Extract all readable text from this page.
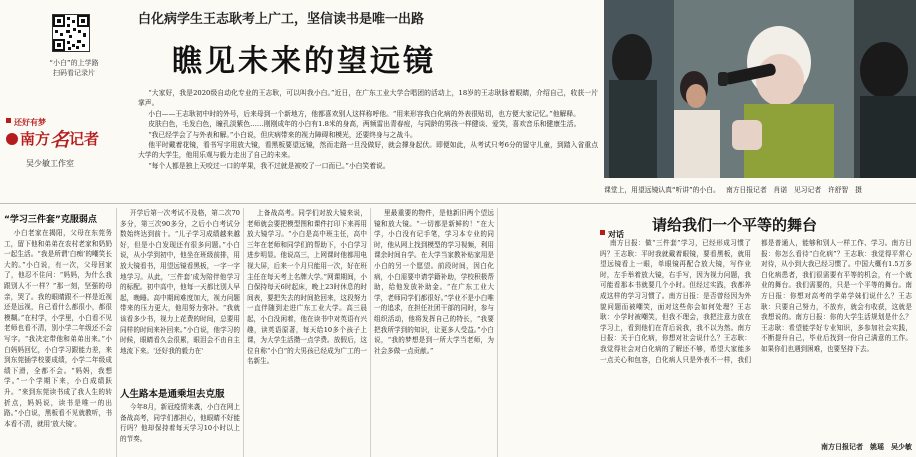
“小白”的上学路
扫码看记录片
还好有梦
南方名记者
吴少敏工作室
白化病学生王志耿考上广工，坚信读书是唯一出路
瞧见未来的望远镜

“大家好，我是2020级自动化专业的王志耿，可以叫我小白。”近日，在广东工业大学合唱团的活动上，18岁的王志耿脉着眼睛，介绍自己，收获一片掌声。

小白——王志耿初中时的外号，后来母到一个新地方，他都喜欢别人这样称呼他。“用来形容我白化病的外表很贴切，也方便大家记忆。”他解释。

皮肤白色，毛发白色，瞳孔淡紫色……刚刚成年的小白有1.8米的身高，两频雷出青春痘，与同龄的男孩一样健谈、爱笑，喜欢音乐和健康生活。

“我已经学会了与外表和解。”小白说，但庆病带来的视力障碍和模光，还要终身与之战斗。

他平时戴着花镜，看书写字用放大镜，看黑板要望远镜，然而走路一旦没做好，就会撑身起伏。即便如此，从考试只考6分的留守儿童，到踏入省重点大学的大学生，他用乐观与毅力走出了自己的未来。

“每个人都是独上天咬过一口的苹果，我不过就是被咬了一口而已。”小白笑着说。

课堂上，用望远镜认真“听讲”的小白。 南方日报记者　肖诺　见习记者　许舒智　摄
“学习三件套”克服弱点
小白老家在揭阳，父母在东莞务工，留下他和弟弟在农村老家和奶奶一起生活。“我是所谓‘白痴’的嘲笑长大的。”小白说，有一次，父母回家了，他忍不住问：“妈妈，为什么我跟别人不一样？”那一刻，坚强的母亲，哭了。我的眼睛跟不一样是近视还是远视，自己看什么都很小，都很模糊。”在村学，小学里，小白看不见老师也看不清，别小学二年级还不会写字。“我决定带他和弟弟出来。”小白妈妈回忆，小白学习跟能力差，来到东莞插学校要成绩，小学二年级成绩下滑，全都不会。“妈妈，我想学。”一个学期下来，小白成绩跃升。“来到东莞读书成了我人生的转折点，妈妈说，读书是唯一的出路。”小白说，黑板看不见就教听，书本看不清，就用‘放大镜’。
开学后第一次考试不及格，第二次70多分，第三次90多分，之后小白考试分数始终达到前十。“儿子学习成绩越来越好，但是小白发现还有很多问题。”小白说，从小学到初中，他坐在班级前排，用放大镜看书，用望远镜看黑板，一字一字地学习。从此，‘三件套’成为陪伴他学习的标配。初中高中，他每一天都比别人早起，晚睡。高中期间难度加大，视力问题带来的压力更大，他用努力弥补。“我就该看多少书，视力上花费的时间，总要用同样的时间来补回来。”小白说，他学习的时候，眼睛看久会很累，眼泪会不由自主地流下来。‘还好我的毅力在'
人生路本是通乘坦去克服
今年8月，新冠疫情来袭，小白在网上备战高考，同学们都担心，他眼睛不好能行吗？他却保持着每天学习10小时以上的节奏。
上备战高考。同学们对放大镜来说，老师就会要把模型图和课件打印下来再用放大镜学习。“小白是高中班主任，高中三年在老师和同学们的帮助下，小白学习进步明显。他说高三，上网课时他都用电视大屏，后来一个月只能用一次，好在班主任在每天考上名牌大学。”网课期间，小白保持每天6时起床，晚上23时休息的时间表，要把失去的时间抢回来，这段努力一直伴随到走进广东工业大学。高三晨起，小白没闲着，他在读书中对英语有兴趣，读英语原著，每天给10多个孩子上课，为大学生活攒一点学费。放假后，这位自称“小白”的大男孩已经成为广工的一名新生。
里最重要的物件，是他新旧两个望远镜和放大镜。“一切都是新鲜的！”在大学，小白没有记手笔，学习本专业的同时，他从网上找到模型的学习视频，利用课余时间自学。在大学当家教补贴家用是小白的另一个愿望。前段时间，因白化病，小白需要申请学籍补助，学校积极帮助，给他发放补助金。“在广东工业大学，老师同学们都很好。”学业不是小白唯一的追求，在担任社团干部的同时，参与组织活动，他将发挥自己的特长，“我要把我所学到的知识，让更多人受益。”小白说，“我的梦想是到一所大学当老师，为社会多做一点贡献。”
对话
请给我们一个平等的舞台
南方日报：做“三件套”学习，已经形成习惯了吗？王志耿：平时我就戴着眼镜，要看黑板，就用望远镜看上一眼，单眼镜再配合放大镜，写作业时，左手举着放大镜，右手写，因为视力问题，我可能看那本书就要几个小时。但经过实践，我都养成这样的学习习惯了。南方日报：是否曾经因为外貌问题而被嘲笑，面对这些你会如何处理？王志耿：小学时被嘲笑，但我不理会，我把注意力放在学习上，看到他们在背后说我，我不以为然。南方日报：关于白化病，你想对社会说什么？王志耿：我觉得社会对白化病的了解还不够，希望大家能多一点关心和包容，白化病人只是外表不一样，我们都是普通人，能够和别人一样工作、学习。南方日报：你怎么看待“白化病”？王志耿：我觉得平常心对待，从小到大我已经习惯了。中国大概有1.5万多白化病患者，我们很需要有平等的机会，有一个就业的舞台。我们需要的，只是一个平等的舞台。南方日报：你想对高考的学弟学妹们说什么？王志耿：只要自己努力，不放弃，就会有收获，这就是我想说的。南方日报：你的大学生活规划是什么？王志耿：希望能学好专业知识，多参加社会实践，不断提升自己，毕业后找到一份自己满意的工作。如果你们也遇到困难，也要坚持下去。
南方日报记者　姚瑶　吴少敏
